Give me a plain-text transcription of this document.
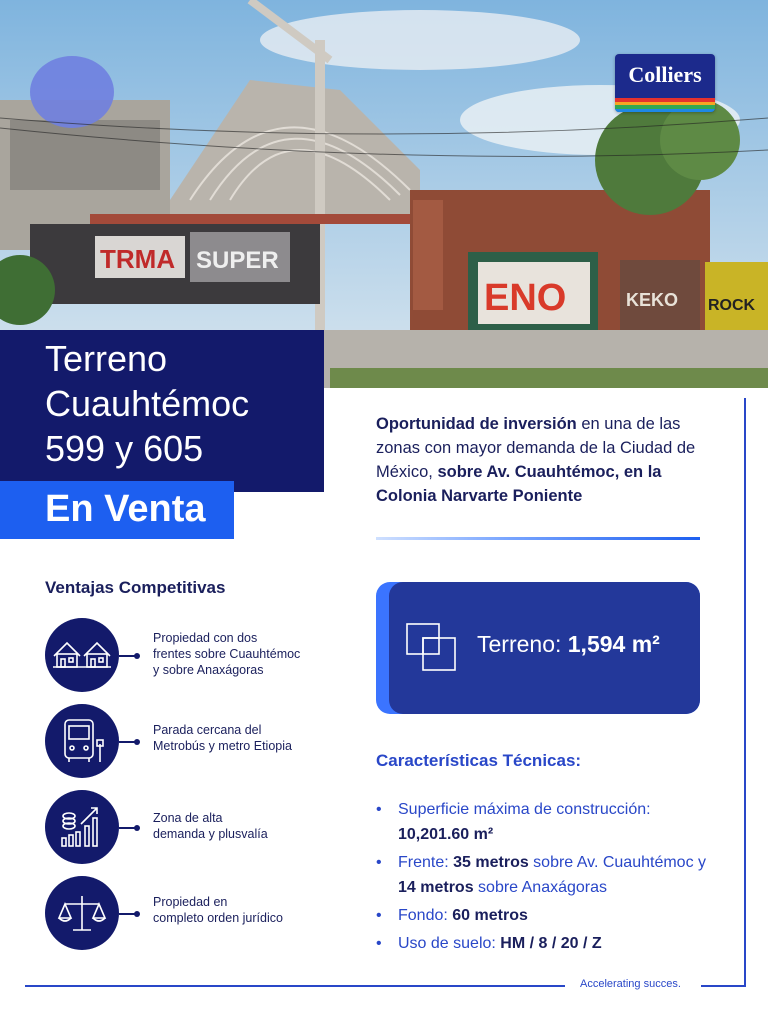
ТRMA SUPER
ENO	KEKO ROCK
Colliers
Terreno
Cuauhtémoc
599 y 605
En Venta
Oportunidad de inversión en una de las zonas con mayor demanda de la Ciudad de México, sobre Av. Cuauhtémoc, en la Colonia Narvarte Poniente
Ventajas Competitivas
Propiedad con dos
frentes sobre Cuauhtémoc
y sobre Anaxágoras
Parada cercana del
Metrobús y metro Etiopia
Zona de alta
demanda y plusvalía
Propiedad en
completo orden jurídico
Terreno: 1,594 m²
Características Técnicas:
• Superficie máxima de construcción: 10,201.60 m²
• Frente: 35 metros sobre Av. Cuauhtémoc y 14 metros sobre Anaxágoras
• Fondo: 60 metros
• Uso de suelo: HM / 8 / 20 / Z
Accelerating succes.
